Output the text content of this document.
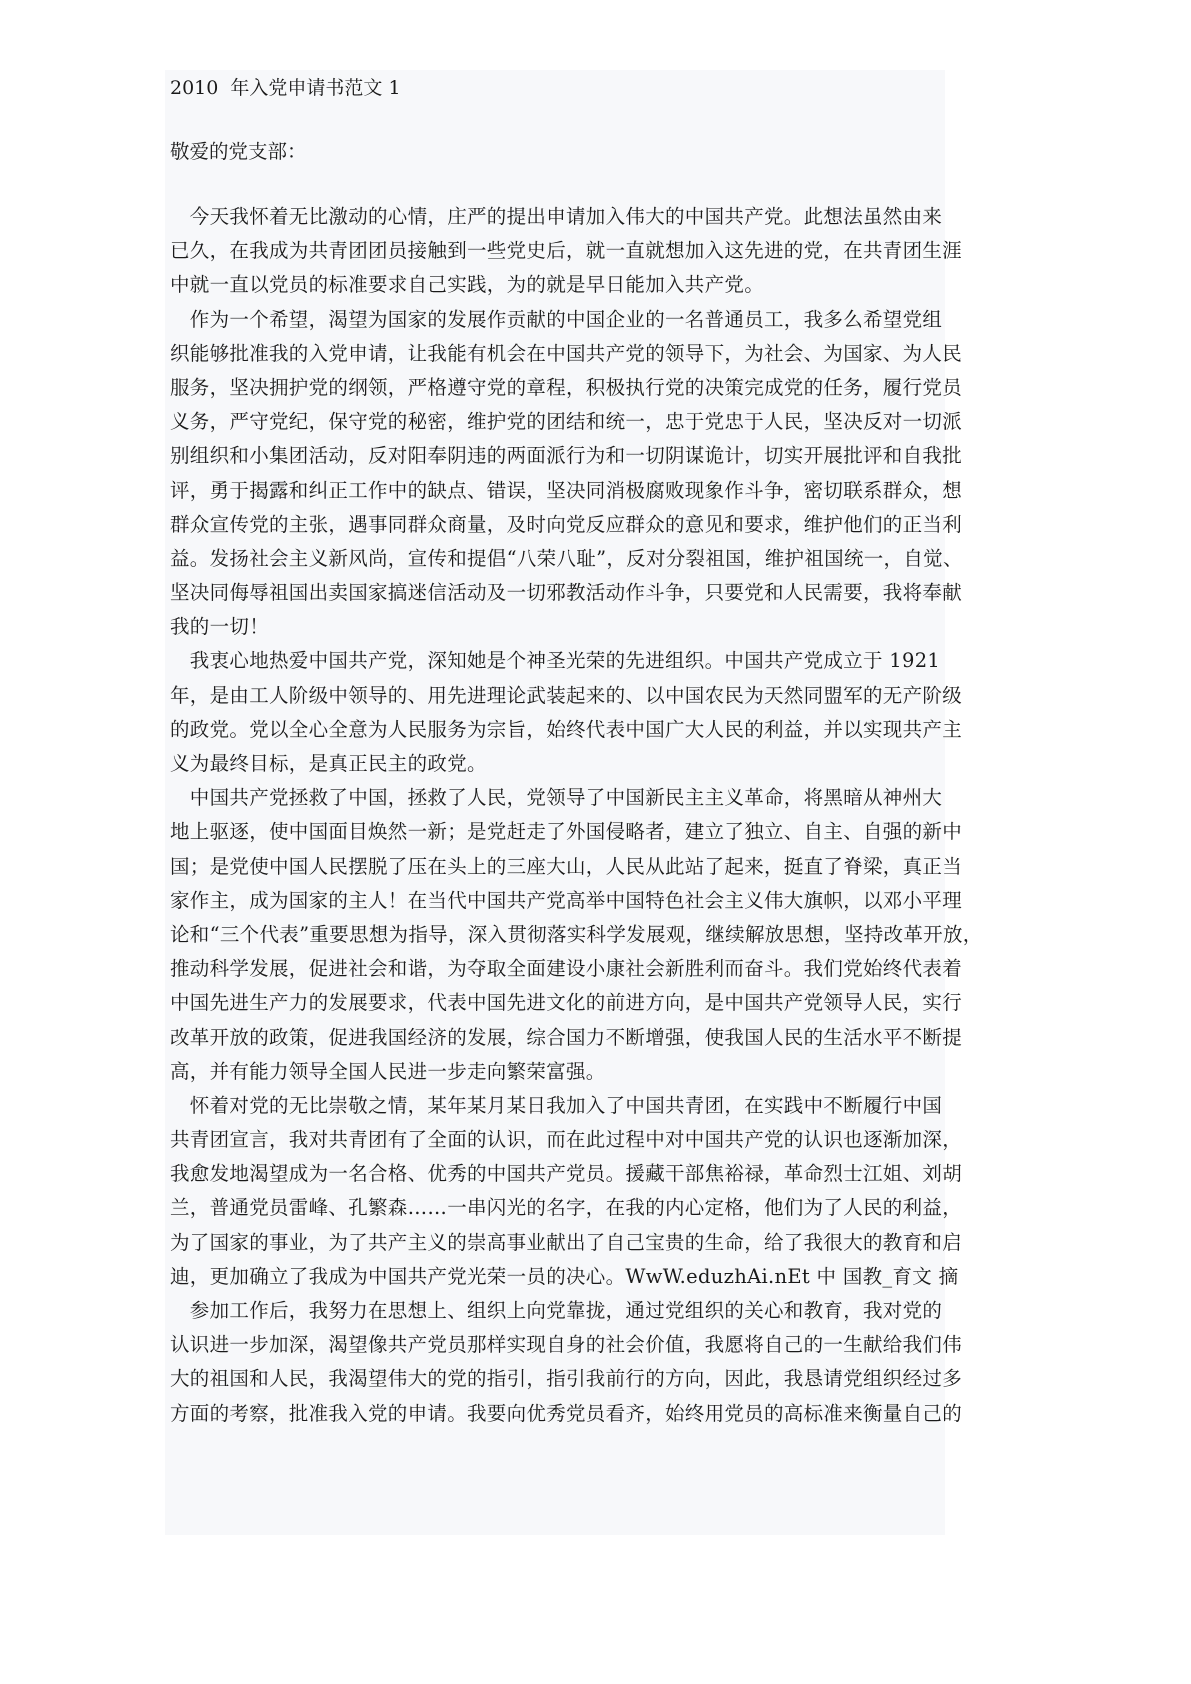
2010  年入党申请书范文 1
敬爱的党支部：
　今天我怀着无比激动的心情，庄严的提出申请加入伟大的中国共产党。此想法虽然由来
已久，在我成为共青团团员接触到一些党史后，就一直就想加入这先进的党，在共青团生涯
中就一直以党员的标准要求自己实践，为的就是早日能加入共产党。
　作为一个希望，渴望为国家的发展作贡献的中国企业的一名普通员工，我多么希望党组
织能够批准我的入党申请，让我能有机会在中国共产党的领导下，为社会、为国家、为人民
服务，坚决拥护党的纲领，严格遵守党的章程，积极执行党的决策完成党的任务，履行党员
义务，严守党纪，保守党的秘密，维护党的团结和统一，忠于党忠于人民，坚决反对一切派
别组织和小集团活动，反对阳奉阴违的两面派行为和一切阴谋诡计，切实开展批评和自我批
评，勇于揭露和纠正工作中的缺点、错误，坚决同消极腐败现象作斗争，密切联系群众，想
群众宣传党的主张，遇事同群众商量，及时向党反应群众的意见和要求，维护他们的正当利
益。发扬社会主义新风尚，宣传和提倡“八荣八耻”，反对分裂祖国，维护祖国统一，自觉、
坚决同侮辱祖国出卖国家搞迷信活动及一切邪教活动作斗争，只要党和人民需要，我将奉献
我的一切！
　我衷心地热爱中国共产党，深知她是个神圣光荣的先进组织。中国共产党成立于 1921
年，是由工人阶级中领导的、用先进理论武装起来的、以中国农民为天然同盟军的无产阶级
的政党。党以全心全意为人民服务为宗旨，始终代表中国广大人民的利益，并以实现共产主
义为最终目标，是真正民主的政党。
　中国共产党拯救了中国，拯救了人民，党领导了中国新民主主义革命，将黑暗从神州大
地上驱逐，使中国面目焕然一新；是党赶走了外国侵略者，建立了独立、自主、自强的新中
国；是党使中国人民摆脱了压在头上的三座大山，人民从此站了起来，挺直了脊梁，真正当
家作主，成为国家的主人！在当代中国共产党高举中国特色社会主义伟大旗帜，以邓小平理
论和“三个代表”重要思想为指导，深入贯彻落实科学发展观，继续解放思想，坚持改革开放，
推动科学发展，促进社会和谐，为夺取全面建设小康社会新胜利而奋斗。我们党始终代表着
中国先进生产力的发展要求，代表中国先进文化的前进方向，是中国共产党领导人民，实行
改革开放的政策，促进我国经济的发展，综合国力不断增强，使我国人民的生活水平不断提
高，并有能力领导全国人民进一步走向繁荣富强。
　怀着对党的无比崇敬之情，某年某月某日我加入了中国共青团，在实践中不断履行中国
共青团宣言，我对共青团有了全面的认识，而在此过程中对中国共产党的认识也逐渐加深，
我愈发地渴望成为一名合格、优秀的中国共产党员。援藏干部焦裕禄，革命烈士江姐、刘胡
兰，普通党员雷峰、孔繁森……一串闪光的名字，在我的内心定格，他们为了人民的利益，
为了国家的事业，为了共产主义的崇高事业献出了自己宝贵的生命，给了我很大的教育和启
迪，更加确立了我成为中国共产党光荣一员的决心。WwW.eduzhAi.nEt 中 国教_育文 摘
　参加工作后，我努力在思想上、组织上向党靠拢，通过党组织的关心和教育，我对党的
认识进一步加深，渴望像共产党员那样实现自身的社会价值，我愿将自己的一生献给我们伟
大的祖国和人民，我渴望伟大的党的指引，指引我前行的方向，因此，我恳请党组织经过多
方面的考察，批准我入党的申请。我要向优秀党员看齐，始终用党员的高标准来衡量自己的
